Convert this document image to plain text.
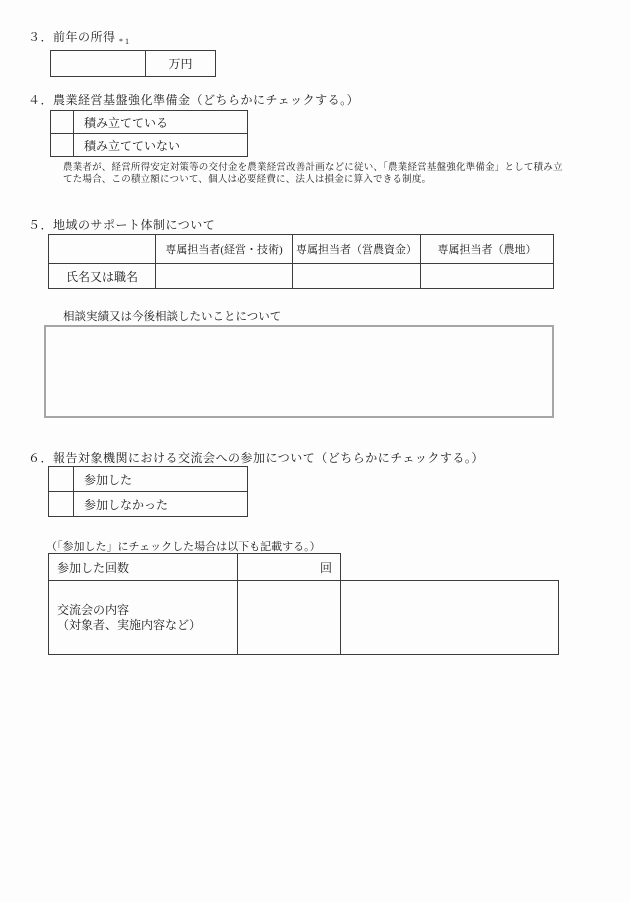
３．前年の所得 $_{*1}$
	万円
４．農業経営基盤強化準備金（どちらかにチェックする。）
	積み立てている
	積み立てていない
農業者が、経営所得安定対策等の交付金を農業経営改善計画などに従い、「農業経営基盤強化準備金」として積み立てた場合、この積立額について、個人は必要経費に、法人は損金に算入できる制度。
５．地域のサポート体制について
	専属担当者(経営・技術)	専属担当者（営農資金）	専属担当者（農地）
氏名又は職名			
相談実績又は今後相談したいことについて
６．報告対象機関における交流会への参加について（どちらかにチェックする。）
	参加した
	参加しなかった
（「参加した」にチェックした場合は以下も記載する。）
参加した回数	回
交流会の内容
（対象者、実施内容など）
